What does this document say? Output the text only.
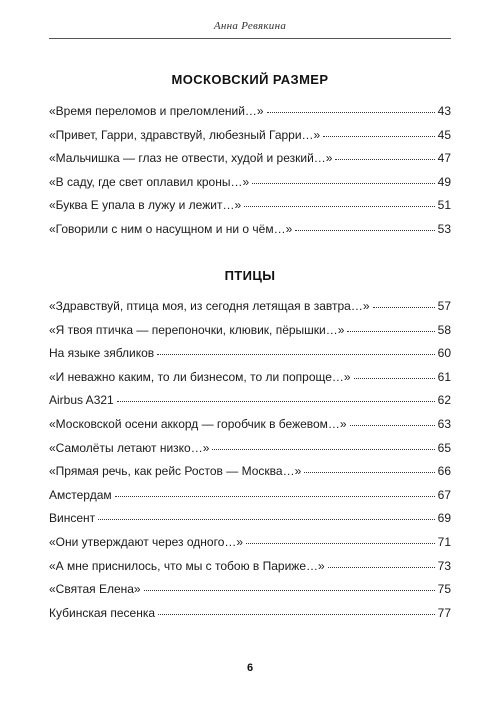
Анна Ревякина
МОСКОВСКИЙ РАЗМЕР
«Время переломов и преломлений…»	43
«Привет, Гарри, здравствуй, любезный Гарри…»	45
«Мальчишка — глаз не отвести, худой и резкий…»	47
«В саду, где свет оплавил кроны…»	49
«Буква Е упала в лужу и лежит…»	51
«Говорили с ним о насущном и ни о чём…»	53
ПТИЦЫ
«Здравствуй, птица моя, из сегодня летящая в завтра…»	57
«Я твоя птичка — перепоночки, клювик, пёрышки…»	58
На языке зябликов	60
«И неважно каким, то ли бизнесом, то ли попроще…»	61
Airbus A321	62
«Московской осени аккорд — горобчик в бежевом…»	63
«Самолёты летают низко…»	65
«Прямая речь, как рейс Ростов — Москва…»	66
Амстердам	67
Винсент	69
«Они утверждают через одного…»	71
«А мне приснилось, что мы с тобою в Париже…»	73
«Святая Елена»	75
Кубинская песенка	77
6
